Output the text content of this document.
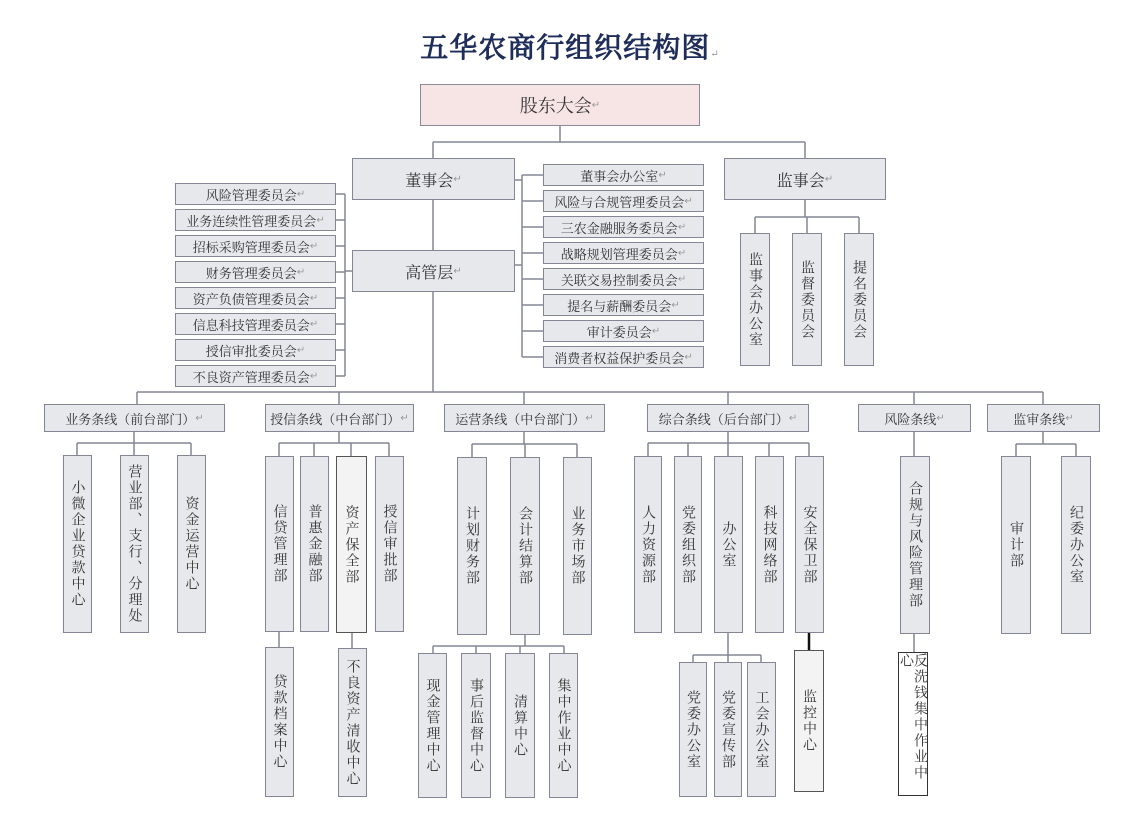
五华农商行组织结构图 ↵
股东大会
↵
董事会
↵	监事会
↵
高管层
↵
董事会办公室
↵
风险管理委员会
↵	风险与合规管理委员会
↵
业务连续性管理委员会
↵	三农金融服务委员会
↵
招标采购管理委员会
↵	战略规划管理委员会
↵
财务管理委员会
↵	关联交易控制委员会
↵
资产负债管理委员会
↵	提名与薪酬委员会
↵
信息科技管理委员会
↵	审计委员会
↵
授信审批委员会
↵	消费者权益保护委员会
↵
不良资产管理委员会
↵
监事会办公室	监督委员会	提名委员会
业务条线（前台部门）
↵	授信条线（中台部门）
↵	运营条线（中台部门）
↵	综合条线（后台部门）
↵	风险条线
↵	监审条线
↵
小微企业贷款中心	营业部、支行、分理处	资金运营中心	信贷管理部 普惠金融部 资产保全部 授信审批部	计划财务部	会计结算部	业务市场部	人力资源部 党委组织部 办公室 科技网络部 安全保卫部	合规与风险管理部	审计部	纪委办公室
贷款档案中心	不良资产清收中心	现金管理中心 事后监督中心 清算中心 集中作业中心	党委办公室 党委宣传部 工会办公室 监控中心	反洗钱集中作业中心
